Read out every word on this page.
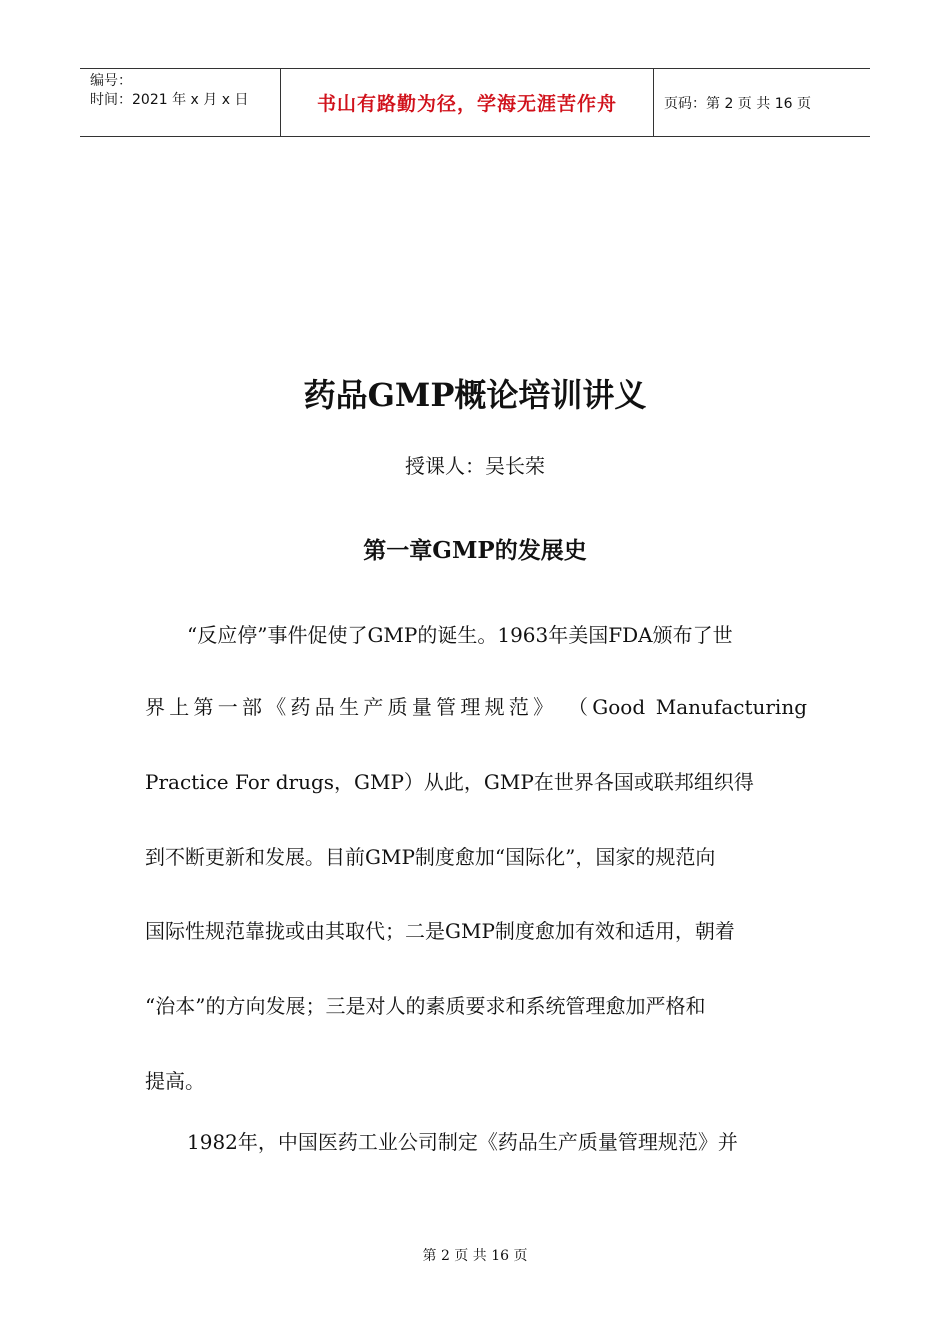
编号：
时间：2021 年 x 月 x 日	书山有路勤为径，学海无涯苦作舟	页码：第 2 页 共 16 页
药品GMP概论培训讲义
授课人：吴长荣
第一章GMP的发展史
“反应停”事件促使了GMP的诞生。1963年美国FDA颁布了世
界上第一部《药品生产质量管理规范》 （Good Manufacturing
Practice For drugs，GMP）从此，GMP在世界各国或联邦组织得
到不断更新和发展。目前GMP制度愈加“国际化”，国家的规范向
国际性规范靠拢或由其取代；二是GMP制度愈加有效和适用，朝着
“治本”的方向发展；三是对人的素质要求和系统管理愈加严格和
提高。
1982年，中国医药工业公司制定《药品生产质量管理规范》并
第 2 页 共 16 页
